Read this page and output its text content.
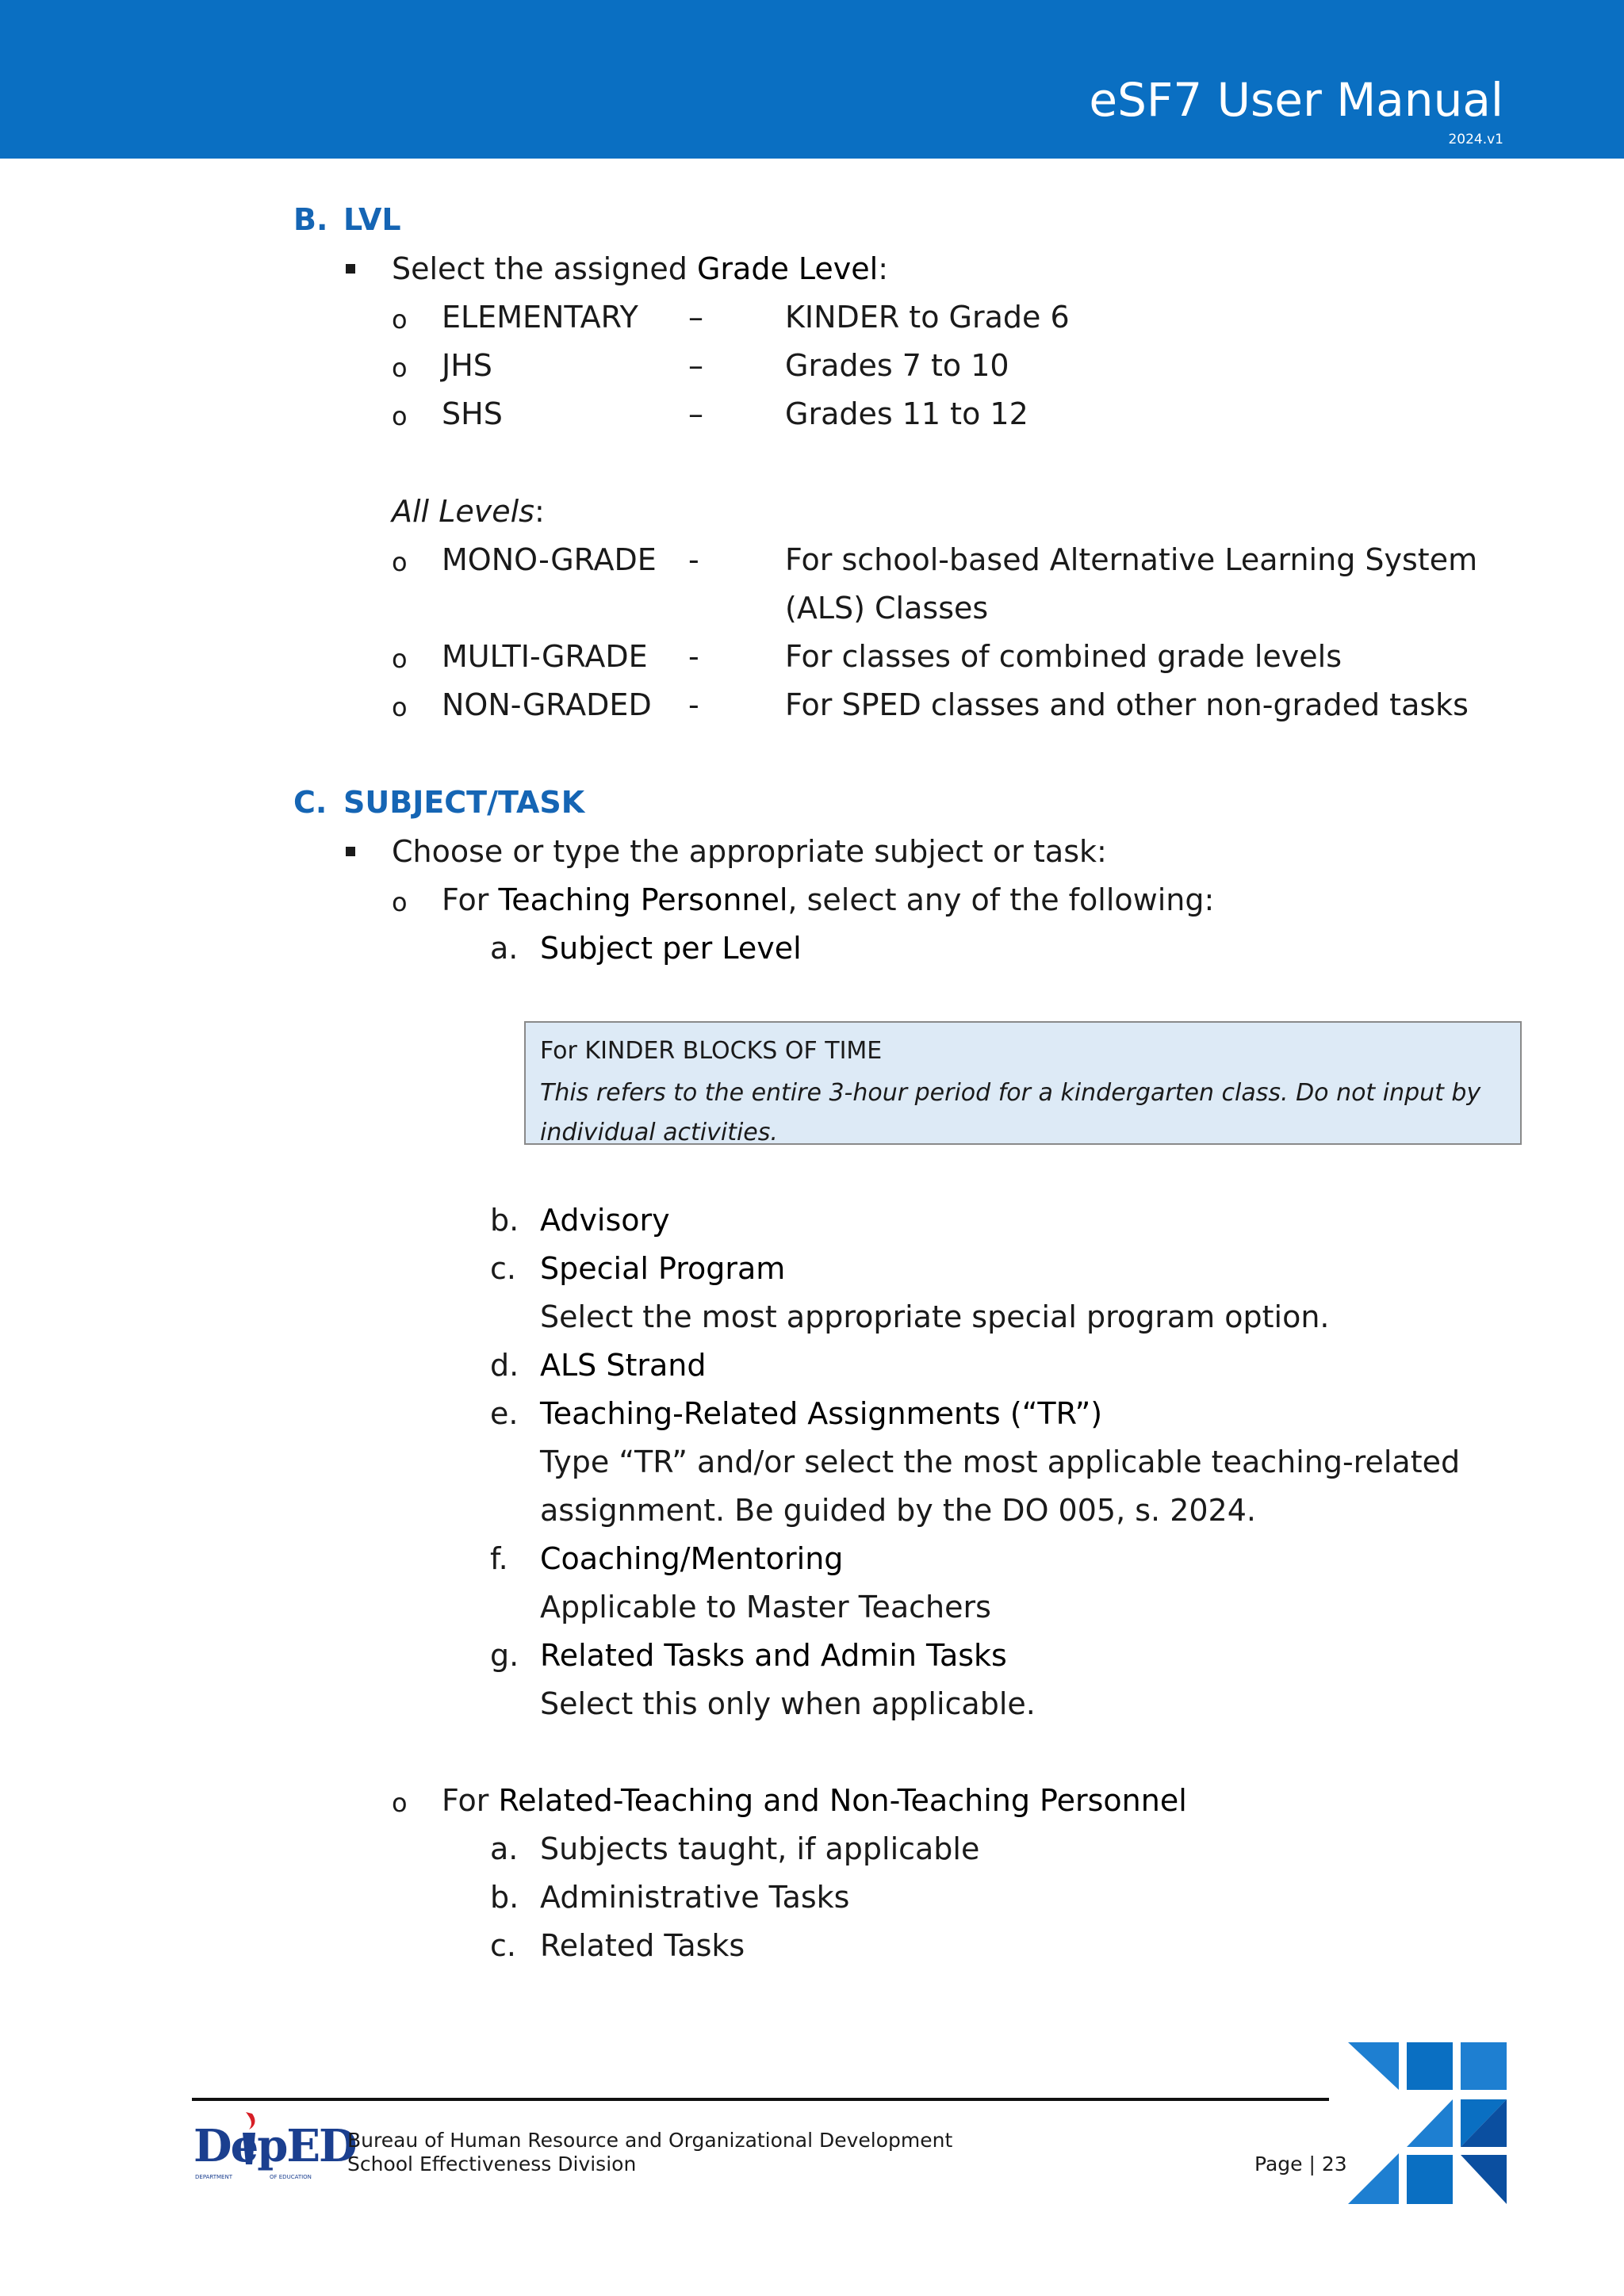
eSF7 User Manual
2024.v1
B. LVL
Select the assigned Grade Level:
o ELEMENTARY –	KINDER to Grade 6
o JHS	–	Grades 7 to 10
o SHS	–	Grades 11 to 12
All Levels:
o MONO-GRADE -	For school-based Alternative Learning System
(ALS) Classes
o MULTI-GRADE -	For classes of combined grade levels
o NON-GRADED -	For SPED classes and other non-graded tasks
C. SUBJECT/TASK
Choose or type the appropriate subject or task:
o For Teaching Personnel, select any of the following:
a. Subject per Level
For KINDER BLOCKS OF TIME
This refers to the entire 3-hour period for a kindergarten class. Do not input by individual activities.
b. Advisory
c. Special Program
Select the most appropriate special program option.
d. ALS Strand
e. Teaching-Related Assignments (“TR”)
Type “TR” and/or select the most applicable teaching-related
assignment. Be guided by the DO 005, s. 2024.
f. Coaching/Mentoring
Applicable to Master Teachers
g. Related Tasks and Admin Tasks
Select this only when applicable.
o For Related-Teaching and Non-Teaching Personnel
a. Subjects taught, if applicable
b. Administrative Tasks
c. Related Tasks
DepED
DEPARTMENT	OF EDUCATION
Bureau of Human Resource and Organizational Development
School Effectiveness Division	Page | 23
